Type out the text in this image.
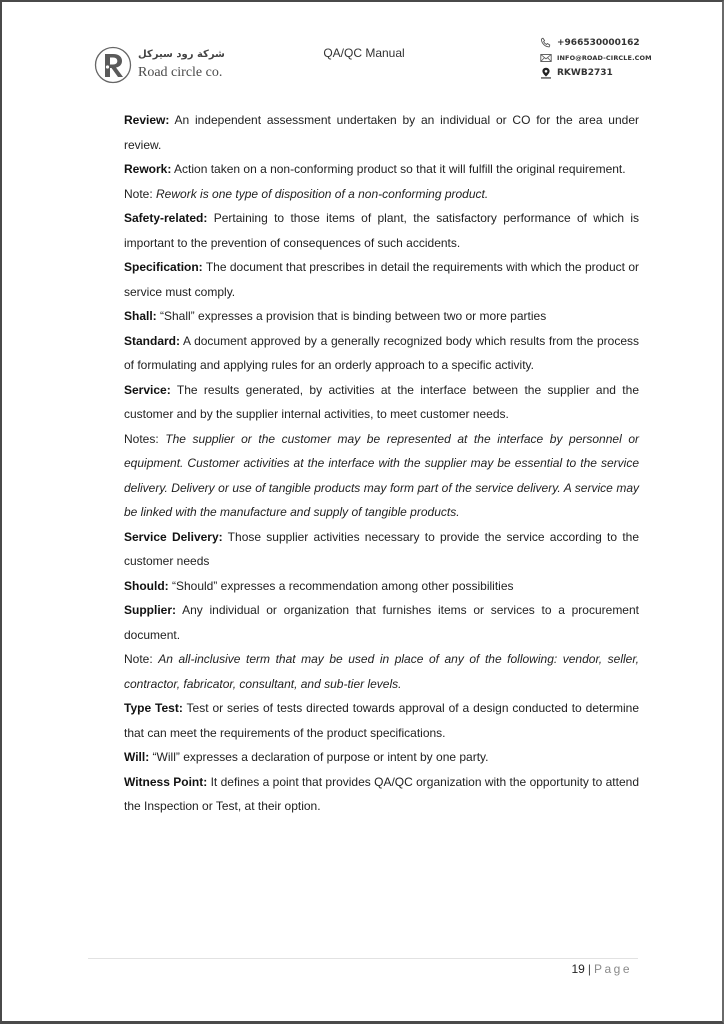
شركة رود سيركل
Road circle co.
QA/QC Manual
+966530000162
INFO@ROAD-CIRCLE.COM
RKWB2731

Review: An independent assessment undertaken by an individual or CO for the area under review.

Rework: Action taken on a non-conforming product so that it will fulfill the original requirement.

Note: Rework is one type of disposition of a non-conforming product.

Safety-related: Pertaining to those items of plant, the satisfactory performance of which is important to the prevention of consequences of such accidents.

Specification: The document that prescribes in detail the requirements with which the product or service must comply.

Shall: “Shall” expresses a provision that is binding between two or more parties

Standard: A document approved by a generally recognized body which results from the process of formulating and applying rules for an orderly approach to a specific activity.

Service: The results generated, by activities at the interface between the supplier and the customer and by the supplier internal activities, to meet customer needs.

Notes: The supplier or the customer may be represented at the interface by personnel or equipment. Customer activities at the interface with the supplier may be essential to the service delivery. Delivery or use of tangible products may form part of the service delivery. A service may be linked with the manufacture and supply of tangible products.

Service Delivery: Those supplier activities necessary to provide the service according to the customer needs

Should: “Should” expresses a recommendation among other possibilities

Supplier: Any individual or organization that furnishes items or services to a procurement document.

Note: An all-inclusive term that may be used in place of any of the following: vendor, seller, contractor, fabricator, consultant, and sub-tier levels.

Type Test: Test or series of tests directed towards approval of a design conducted to determine that can meet the requirements of the product specifications.

Will: “Will” expresses a declaration of purpose or intent by one party.

Witness Point: It defines a point that provides QA/QC organization with the opportunity to attend the Inspection or Test, at their option.

19 | Page
